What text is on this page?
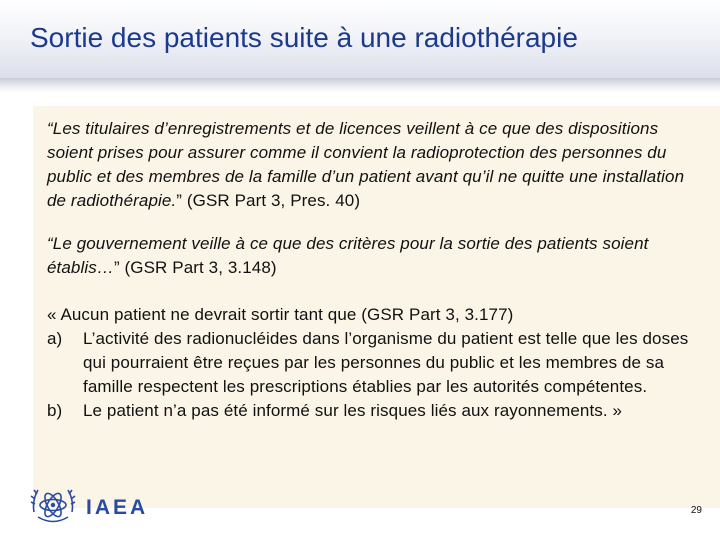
Sortie des patients suite à une radiothérapie

“Les titulaires d’enregistrements et de licences veillent à ce que des dispositions soient prises pour assurer comme il convient la radioprotection des personnes du public et des membres de la famille d’un patient avant qu’il ne quitte une installation de radiothérapie.” (GSR Part 3, Pres. 40)

“Le gouvernement veille à ce que des critères pour la sortie des patients soient établis…” (GSR Part 3, 3.148)

« Aucun patient ne devrait sortir tant que (GSR Part 3, 3.177)

a)	L’activité des radionucléides dans l’organisme du patient est telle que les doses qui pourraient être reçues par les personnes du public et les membres de sa famille respectent les prescriptions établies par les autorités compétentes.
b)	Le patient n’a pas été informé sur les risques liés aux rayonnements. »
IAEA	29
